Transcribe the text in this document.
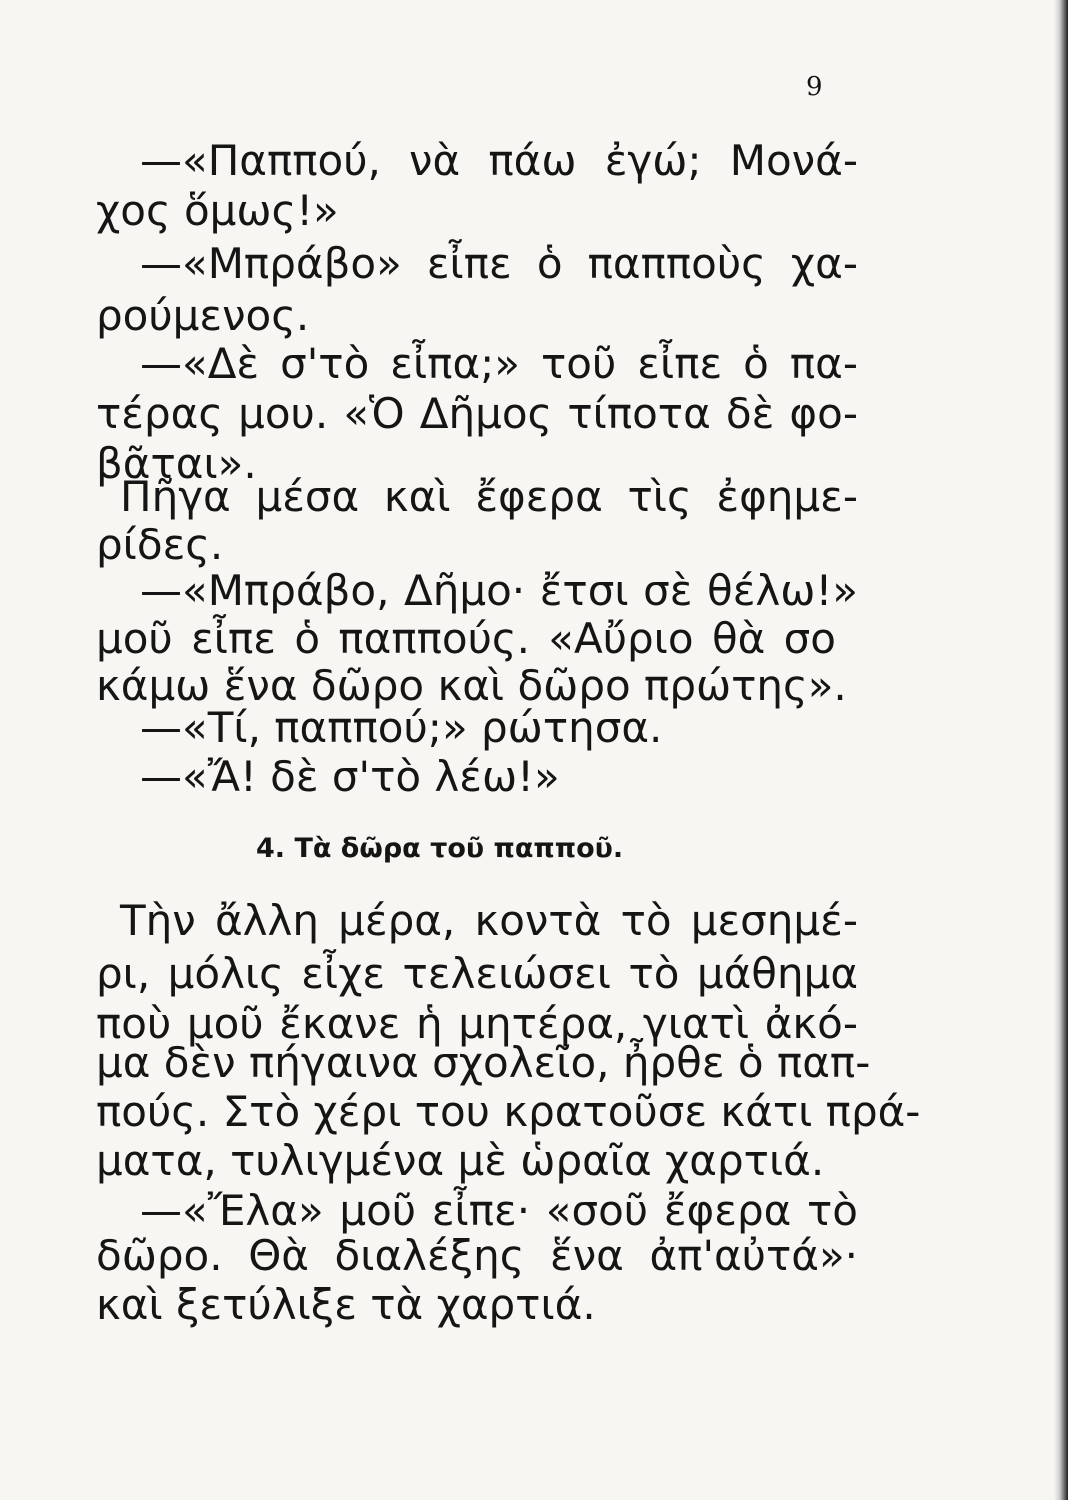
9
—«Παππού, νὰ πάω ἐγώ; Μονά-
χος ὅμως!»
—«Μπράβο» εἶπε ὁ παπποὺς χα-
ρούμενος.
—«Δὲ σ'τὸ εἶπα;» τοῦ εἶπε ὁ πα-
τέρας μου. «Ὁ Δῆμος τίποτα δὲ φο-
βᾶται».
Πῆγα μέσα καὶ ἔφερα τὶς ἐφημε-
ρίδες.
—«Μπράβο, Δῆμο· ἔτσι σὲ θέλω!»
μοῦ εἶπε ὁ παππούς. «Αὔριο θὰ σο
κάμω ἕνα δῶρο καὶ δῶρο πρώτης».
—«Τί, παππού;» ρώτησα.
—«Ἄ! δὲ σ'τὸ λέω!»
4. Τὰ δῶρα τοῦ παπποῦ.
Τὴν ἄλλη μέρα, κοντὰ τὸ μεσημέ-
ρι, μόλις εἶχε τελειώσει τὸ μάθημα
ποὺ μοῦ ἔκανε ἡ μητέρα, γιατὶ ἀκό-
μα δὲν πήγαινα σχολεῖο, ἦρθε ὁ παπ-
πούς. Στὸ χέρι του κρατοῦσε κάτι πρά-
ματα, τυλιγμένα μὲ ὡραῖα χαρτιά.
—«Ἔλα» μοῦ εἶπε· «σοῦ ἔφερα τὸ
δῶρο. Θὰ διαλέξης ἕνα ἀπ'αὐτά»·
καὶ ξετύλιξε τὰ χαρτιά.
